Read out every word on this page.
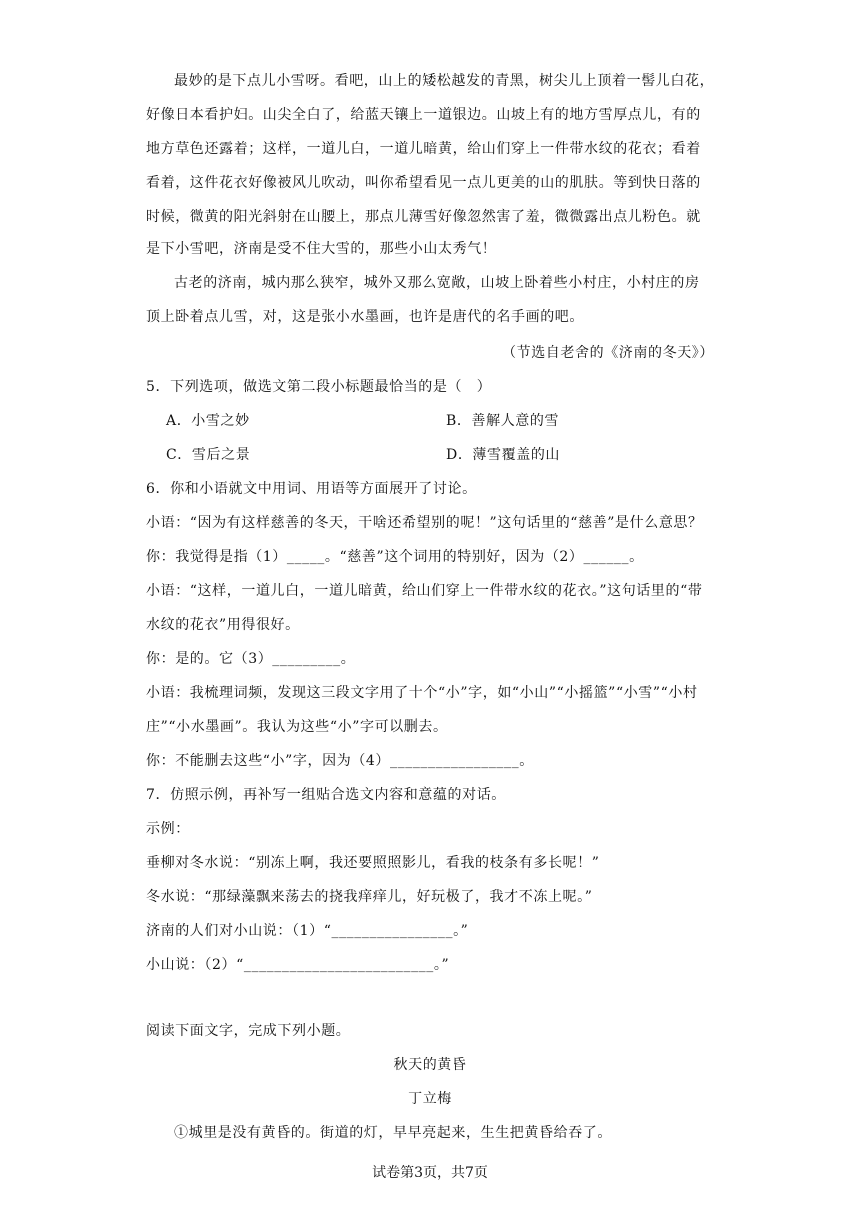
最妙的是下点儿小雪呀。看吧，山上的矮松越发的青黑，树尖儿上顶着一髻儿白花，
好像日本看护妇。山尖全白了，给蓝天镶上一道银边。山坡上有的地方雪厚点儿，有的
地方草色还露着；这样，一道儿白，一道儿暗黄，给山们穿上一件带水纹的花衣；看着
看着，这件花衣好像被风儿吹动，叫你希望看见一点儿更美的山的肌肤。等到快日落的
时候，微黄的阳光斜射在山腰上，那点儿薄雪好像忽然害了羞，微微露出点儿粉色。就
是下小雪吧，济南是受不住大雪的，那些小山太秀气！
古老的济南，城内那么狭窄，城外又那么宽敞，山坡上卧着些小村庄，小村庄的房
顶上卧着点儿雪，对，这是张小水墨画，也许是唐代的名手画的吧。
（节选自老舍的《济南的冬天》）
5．下列选项，做选文第二段小标题最恰当的是（　）
A．小雪之妙	B．善解人意的雪
C．雪后之景	D．薄雪覆盖的山
6．你和小语就文中用词、用语等方面展开了讨论。
小语：“因为有这样慈善的冬天，干啥还希望别的呢！”这句话里的“慈善”是什么意思？
你：我觉得是指（1）_____。“慈善”这个词用的特别好，因为（2）______。
小语：“这样，一道儿白，一道儿暗黄，给山们穿上一件带水纹的花衣。”这句话里的“带
水纹的花衣”用得很好。
你：是的。它（3）_________。
小语：我梳理词频，发现这三段文字用了十个“小”字，如“小山”“小摇篮”“小雪”“小村
庄”“小水墨画”。我认为这些“小”字可以删去。
你：不能删去这些“小”字，因为（4）_________________。
7．仿照示例，再补写一组贴合选文内容和意蕴的对话。
示例：
垂柳对冬水说：“别冻上啊，我还要照照影儿，看我的枝条有多长呢！”
冬水说：“那绿藻飘来荡去的挠我痒痒儿，好玩极了，我才不冻上呢。”
济南的人们对小山说：（1）“________________。”
小山说：（2）“_________________________。”
阅读下面文字，完成下列小题。
秋天的黄昏
丁立梅
①城里是没有黄昏的。街道的灯，早早亮起来，生生把黄昏给吞了。
试卷第3页，共7页
